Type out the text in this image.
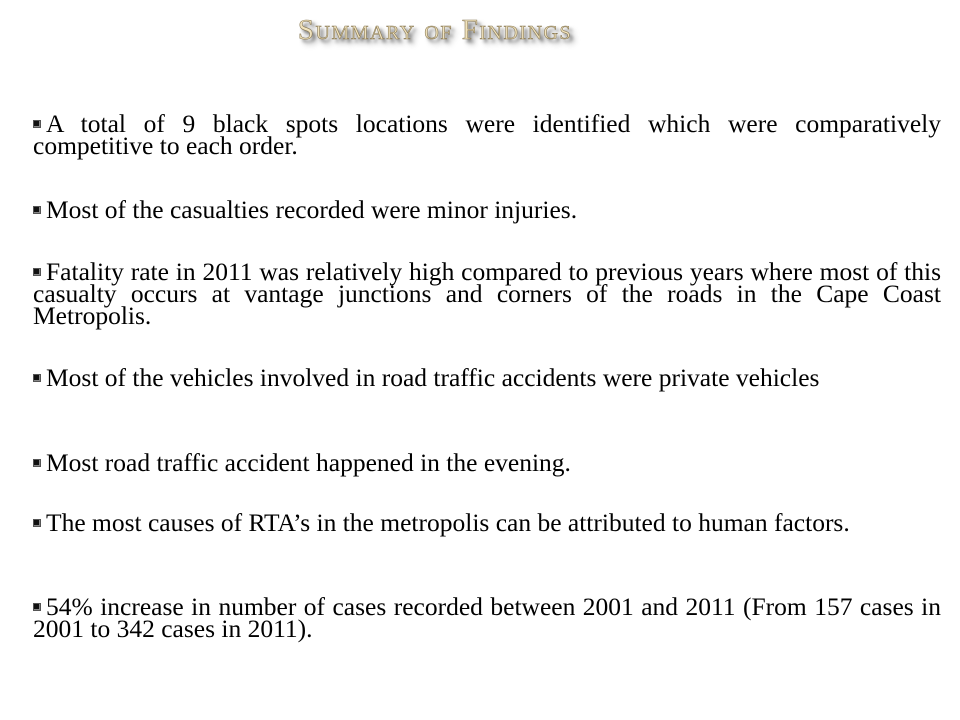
Summary of Findings

A total of 9 black spots locations were identified which were comparatively competitive to each order.

Most of the casualties recorded were minor injuries.

Fatality rate in 2011 was relatively high compared to previous years where most of this casualty occurs at vantage junctions and corners of the roads in the Cape Coast Metropolis.

Most of the vehicles involved in road traffic accidents were private vehicles

Most road traffic accident happened in the evening.

The most causes of RTA’s in the metropolis can be attributed to human factors.

54% increase in number of cases recorded between 2001 and 2011 (From 157 cases in 2001 to 342 cases in 2011).
